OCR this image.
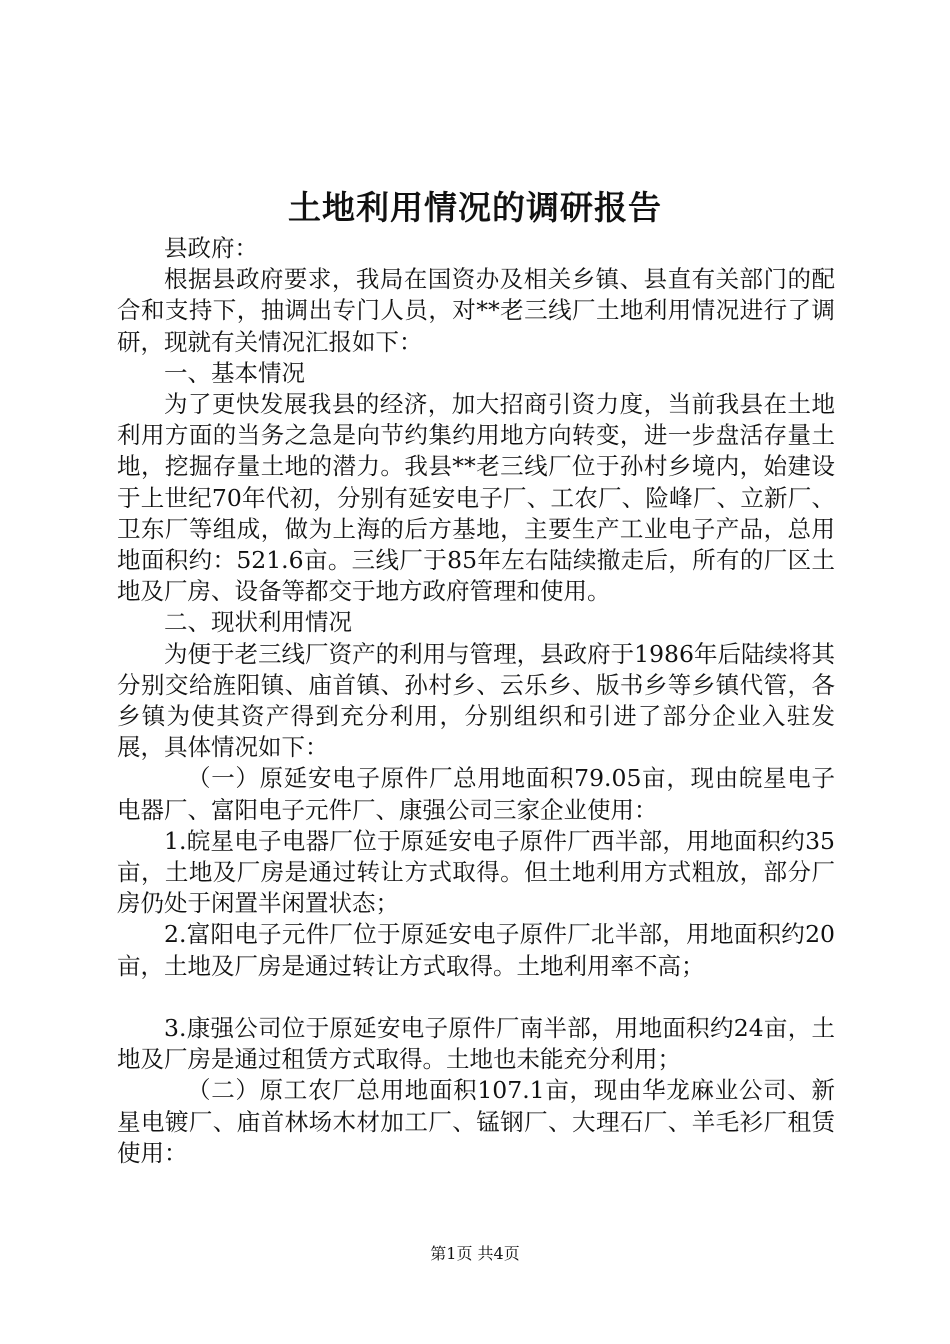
土地利用情况的调研报告

县政府：

根据县政府要求，我局在国资办及相关乡镇、县直有关部门的配合和支持下，抽调出专门人员，对**老三线厂土地利用情况进行了调研，现就有关情况汇报如下：

一、基本情况

为了更快发展我县的经济，加大招商引资力度，当前我县在土地利用方面的当务之急是向节约集约用地方向转变，进一步盘活存量土地，挖掘存量土地的潜力。我县**老三线厂位于孙村乡境内，始建设于上世纪70年代初，分别有延安电子厂、工农厂、险峰厂、立新厂、卫东厂等组成，做为上海的后方基地，主要生产工业电子产品，总用地面积约：521.6亩。三线厂于85年左右陆续撤走后，所有的厂区土地及厂房、设备等都交于地方政府管理和使用。

二、现状利用情况

为便于老三线厂资产的利用与管理，县政府于1986年后陆续将其分别交给旌阳镇、庙首镇、孙村乡、云乐乡、版书乡等乡镇代管，各乡镇为使其资产得到充分利用，分别组织和引进了部分企业入驻发展，具体情况如下：

（一）原延安电子原件厂总用地面积79.05亩，现由皖星电子电器厂、富阳电子元件厂、康强公司三家企业使用：

1.皖星电子电器厂位于原延安电子原件厂西半部，用地面积约35亩，土地及厂房是通过转让方式取得。但土地利用方式粗放，部分厂房仍处于闲置半闲置状态；

2.富阳电子元件厂位于原延安电子原件厂北半部，用地面积约20亩，土地及厂房是通过转让方式取得。土地利用率不高；

3.康强公司位于原延安电子原件厂南半部，用地面积约24亩，土地及厂房是通过租赁方式取得。土地也未能充分利用；

（二）原工农厂总用地面积107.1亩，现由华龙麻业公司、新星电镀厂、庙首林场木材加工厂、锰钢厂、大理石厂、羊毛衫厂租赁使用：

第1页 共4页
